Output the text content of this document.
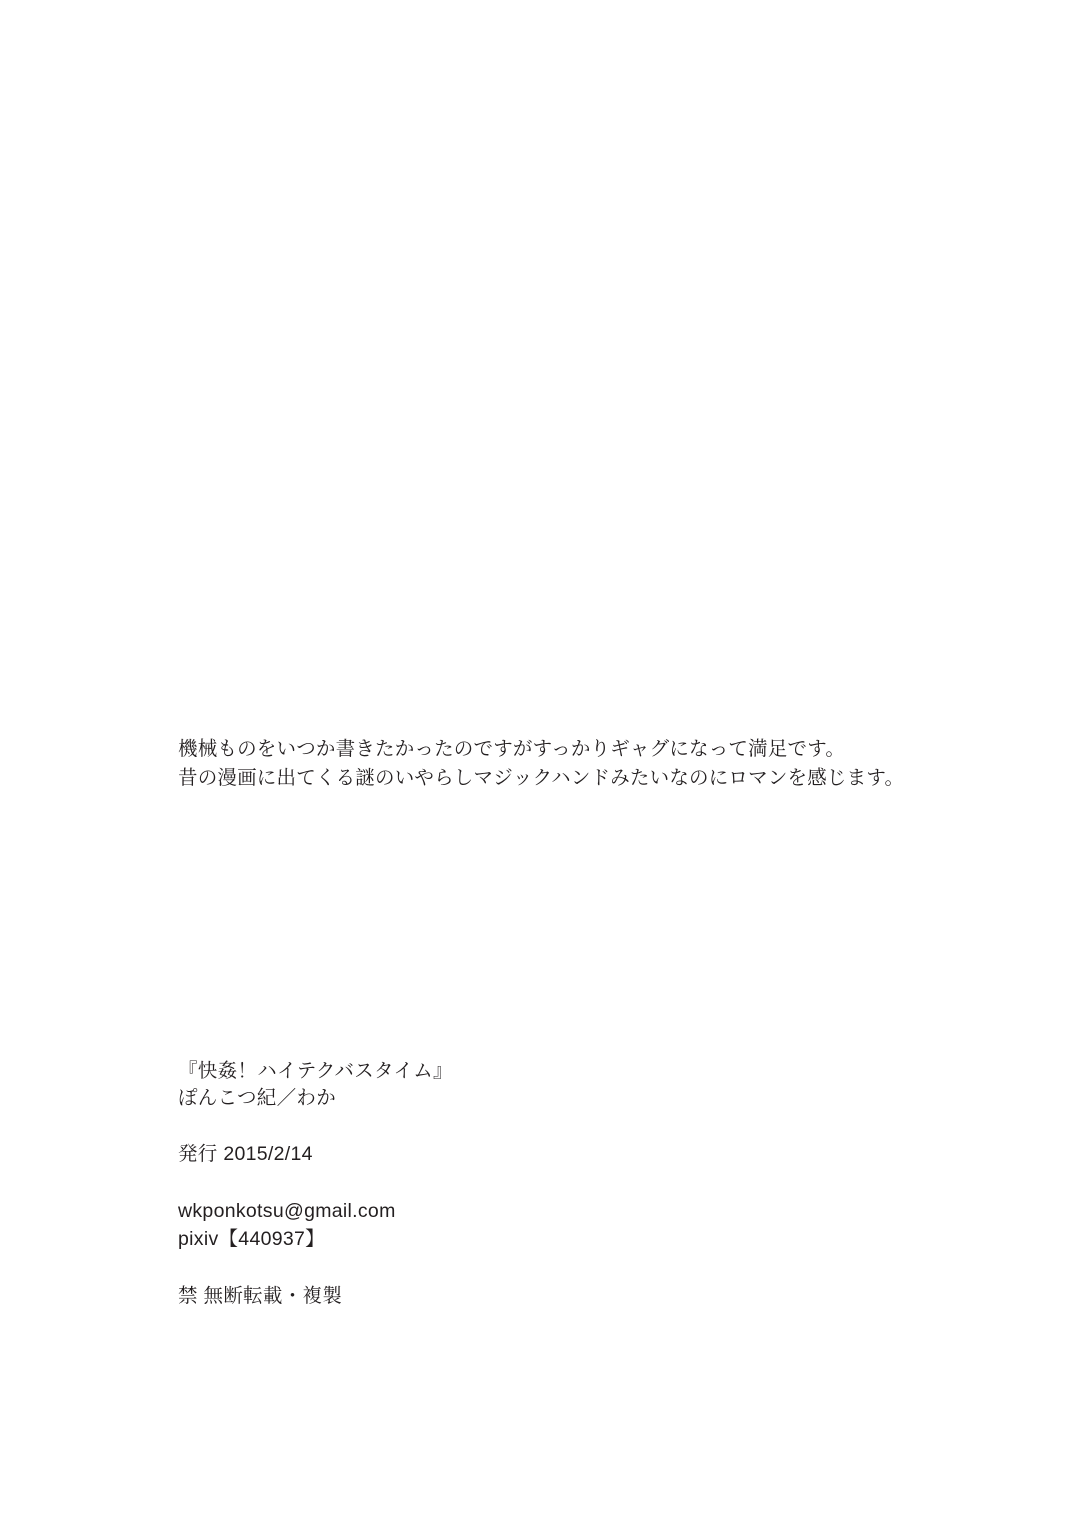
機械ものをいつか書きたかったのですがすっかりギャグになって満足です。
昔の漫画に出てくる謎のいやらしマジックハンドみたいなのにロマンを感じます。
『快姦！ハイテクバスタイム』
ぽんこつ紀／わか
発行 2015/2/14
wkponkotsu@gmail.com
pixiv【440937】
禁 無断転載・複製
